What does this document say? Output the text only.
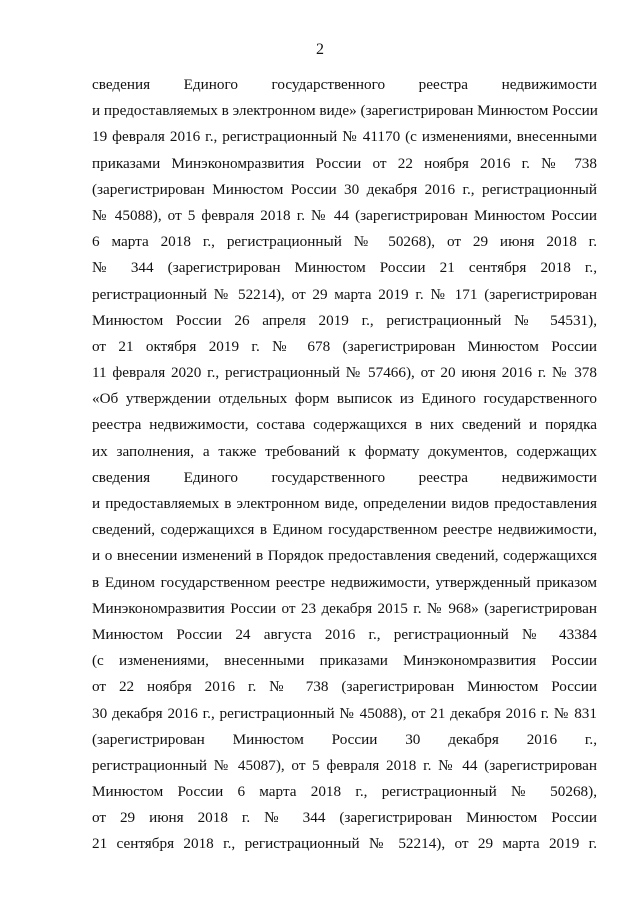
2
сведения Единого государственного реестра недвижимости
и предоставляемых в электронном виде» (зарегистрирован Минюстом России
19 февраля 2016 г., регистрационный № 41170 (с изменениями, внесенными
приказами Минэкономразвития России от 22 ноября 2016 г. № 738
(зарегистрирован Минюстом России 30 декабря 2016 г., регистрационный
№ 45088), от 5 февраля 2018 г. № 44 (зарегистрирован Минюстом России
6 марта 2018 г., регистрационный № 50268), от 29 июня 2018 г.
№ 344 (зарегистрирован Минюстом России 21 сентября 2018 г.,
регистрационный № 52214), от 29 марта 2019 г. № 171 (зарегистрирован
Минюстом России 26 апреля 2019 г., регистрационный № 54531),
от 21 октября 2019 г. № 678 (зарегистрирован Минюстом России
11 февраля 2020 г., регистрационный № 57466), от 20 июня 2016 г. № 378
«Об утверждении отдельных форм выписок из Единого государственного
реестра недвижимости, состава содержащихся в них сведений и порядка
их заполнения, а также требований к формату документов, содержащих
сведения Единого государственного реестра недвижимости
и предоставляемых в электронном виде, определении видов предоставления
сведений, содержащихся в Едином государственном реестре недвижимости,
и о внесении изменений в Порядок предоставления сведений, содержащихся
в Едином государственном реестре недвижимости, утвержденный приказом
Минэкономразвития России от 23 декабря 2015 г. № 968» (зарегистрирован
Минюстом России 24 августа 2016 г., регистрационный № 43384
(с изменениями, внесенными приказами Минэкономразвития России
от 22 ноября 2016 г. № 738 (зарегистрирован Минюстом России
30 декабря 2016 г., регистрационный № 45088), от 21 декабря 2016 г. № 831
(зарегистрирован Минюстом России 30 декабря 2016 г.,
регистрационный № 45087), от 5 февраля 2018 г. № 44 (зарегистрирован
Минюстом России 6 марта 2018 г., регистрационный № 50268),
от 29 июня 2018 г. № 344 (зарегистрирован Минюстом России
21 сентября 2018 г., регистрационный № 52214), от 29 марта 2019 г.
